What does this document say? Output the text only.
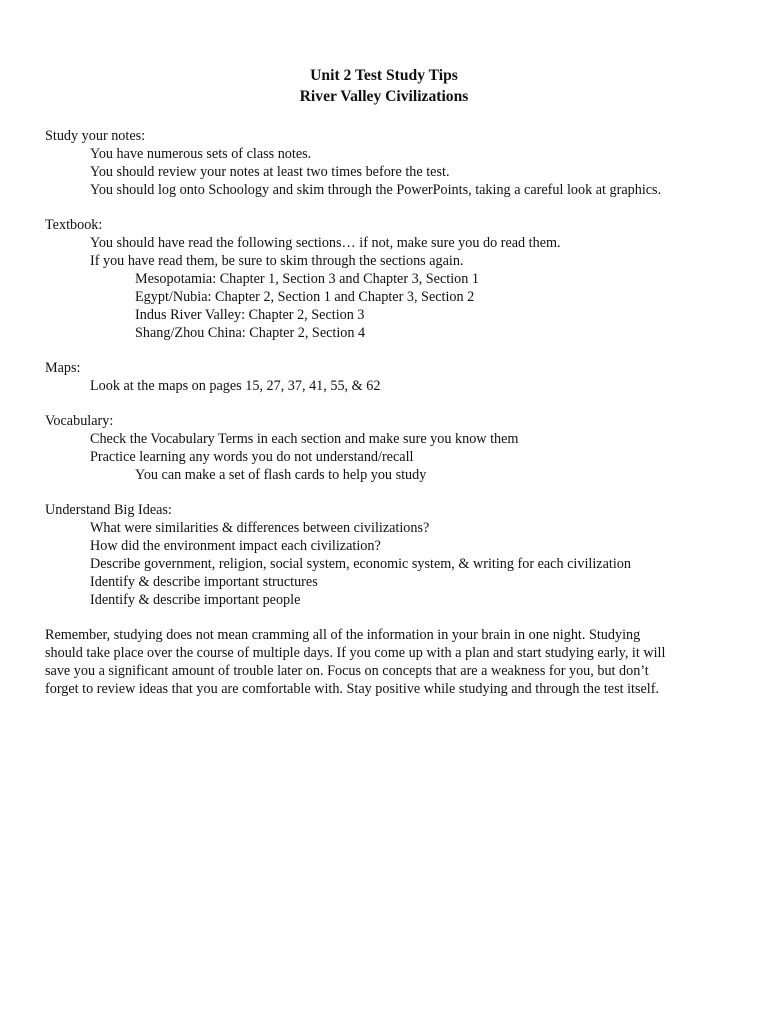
Unit 2 Test Study Tips
River Valley Civilizations
Study your notes:
You have numerous sets of class notes.
You should review your notes at least two times before the test.
You should log onto Schoology and skim through the PowerPoints, taking a careful look at graphics.
Textbook:
You should have read the following sections… if not, make sure you do read them.
If you have read them, be sure to skim through the sections again.
Mesopotamia: Chapter 1, Section 3 and Chapter 3, Section 1
Egypt/Nubia: Chapter 2, Section 1 and Chapter 3, Section 2
Indus River Valley: Chapter 2, Section 3
Shang/Zhou China: Chapter 2, Section 4
Maps:
Look at the maps on pages 15, 27, 37, 41, 55, & 62
Vocabulary:
Check the Vocabulary Terms in each section and make sure you know them
Practice learning any words you do not understand/recall
You can make a set of flash cards to help you study
Understand Big Ideas:
What were similarities & differences between civilizations?
How did the environment impact each civilization?
Describe government, religion, social system, economic system, & writing for each civilization
Identify & describe important structures
Identify & describe important people
Remember, studying does not mean cramming all of the information in your brain in one night. Studying
should take place over the course of multiple days. If you come up with a plan and start studying early, it will
save you a significant amount of trouble later on. Focus on concepts that are a weakness for you, but don’t
forget to review ideas that you are comfortable with. Stay positive while studying and through the test itself.
